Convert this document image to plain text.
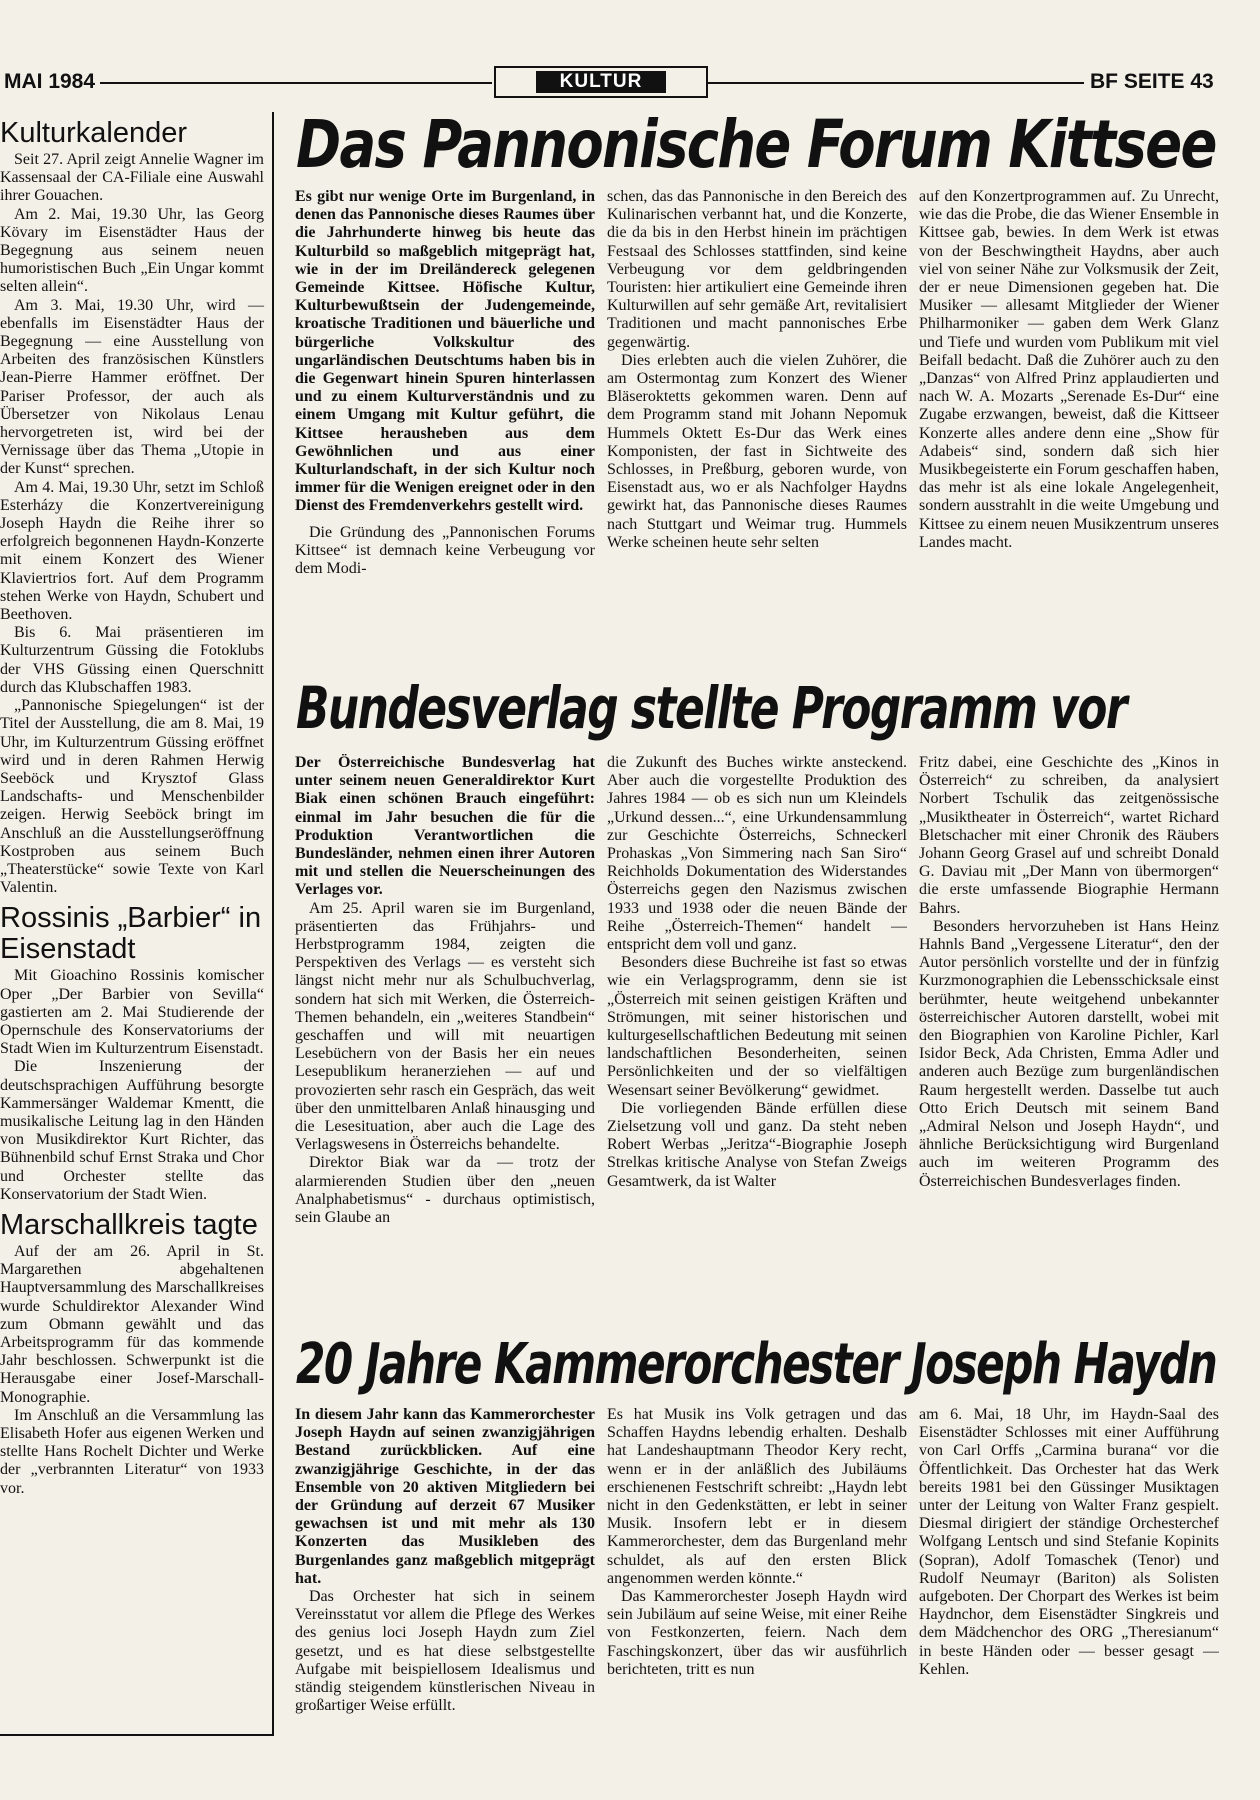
MAI 1984	KULTUR	BF SEITE 43
Kulturkalender

Seit 27. April zeigt Annelie Wagner im Kassensaal der CA-Filiale eine Auswahl ihrer Gouachen.

Am 2. Mai, 19.30 Uhr, las Georg Kövary im Eisenstädter Haus der Begegnung aus seinem neuen humoristischen Buch „Ein Ungar kommt selten allein“.

Am 3. Mai, 19.30 Uhr, wird — ebenfalls im Eisenstädter Haus der Begegnung — eine Ausstellung von Arbeiten des französischen Künstlers Jean-Pierre Hammer eröffnet. Der Pariser Professor, der auch als Übersetzer von Nikolaus Lenau hervorgetreten ist, wird bei der Vernissage über das Thema „Utopie in der Kunst“ sprechen.

Am 4. Mai, 19.30 Uhr, setzt im Schloß Esterházy die Konzertvereinigung Joseph Haydn die Reihe ihrer so erfolgreich begonnenen Haydn-Konzerte mit einem Konzert des Wiener Klaviertrios fort. Auf dem Programm stehen Werke von Haydn, Schubert und Beethoven.

Bis 6. Mai präsentieren im Kulturzentrum Güssing die Fotoklubs der VHS Güssing einen Querschnitt durch das Klubschaffen 1983.

„Pannonische Spiegelungen“ ist der Titel der Ausstellung, die am 8. Mai, 19 Uhr, im Kulturzentrum Güssing eröffnet wird und in deren Rahmen Herwig Seeböck und Krysztof Glass Landschafts- und Menschenbilder zeigen. Herwig Seeböck bringt im Anschluß an die Ausstellungseröffnung Kostproben aus seinem Buch „Theaterstücke“ sowie Texte von Karl Valentin.

Rossinis „Barbier“ in Eisenstadt

Mit Gioachino Rossinis komischer Oper „Der Barbier von Sevilla“ gastierten am 2. Mai Studierende der Opernschule des Konservatoriums der Stadt Wien im Kulturzentrum Eisenstadt.

Die Inszenierung der deutschsprachigen Aufführung besorgte Kammersänger Waldemar Kmentt, die musikalische Leitung lag in den Händen von Musikdirektor Kurt Richter, das Bühnenbild schuf Ernst Straka und Chor und Orchester stellte das Konservatorium der Stadt Wien.

Marschallkreis tagte

Auf der am 26. April in St. Margarethen abgehaltenen Hauptversammlung des Marschallkreises wurde Schuldirektor Alexander Wind zum Obmann gewählt und das Arbeitsprogramm für das kommende Jahr beschlossen. Schwerpunkt ist die Herausgabe einer Josef-Marschall-Monographie.

Im Anschluß an die Versammlung las Elisabeth Hofer aus eigenen Werken und stellte Hans Rochelt Dichter und Werke der „verbrannten Literatur“ von 1933 vor.

Das Pannonische Forum Kittsee

Es gibt nur wenige Orte im Burgenland, in denen das Pannonische dieses Raumes über die Jahrhunderte hinweg bis heute das Kulturbild so maßgeblich mitgeprägt hat, wie in der im Dreiländereck gelegenen Gemeinde Kittsee. Höfische Kultur, Kulturbewußtsein der Judengemeinde, kroatische Traditionen und bäuerliche und bürgerliche Volkskultur des ungarländischen Deutschtums haben bis in die Gegenwart hinein Spuren hinterlassen und zu einem Kulturverständnis und zu einem Umgang mit Kultur geführt, die Kittsee herausheben aus dem Gewöhnlichen und aus einer Kulturlandschaft, in der sich Kultur noch immer für die Wenigen ereignet oder in den Dienst des Fremdenverkehrs gestellt wird.

Die Gründung des „Pannonischen Forums Kittsee“ ist demnach keine Verbeugung vor dem Modi-

schen, das das Pannonische in den Bereich des Kulinarischen verbannt hat, und die Konzerte, die da bis in den Herbst hinein im prächtigen Festsaal des Schlosses stattfinden, sind keine Verbeugung vor dem geldbringenden Touristen: hier artikuliert eine Gemeinde ihren Kulturwillen auf sehr gemäße Art, revitalisiert Traditionen und macht pannonisches Erbe gegenwärtig.

Dies erlebten auch die vielen Zuhörer, die am Ostermontag zum Konzert des Wiener Bläseroktetts gekommen waren. Denn auf dem Programm stand mit Johann Nepomuk Hummels Oktett Es-Dur das Werk eines Komponisten, der fast in Sichtweite des Schlosses, in Preßburg, geboren wurde, von Eisenstadt aus, wo er als Nachfolger Haydns gewirkt hat, das Pannonische dieses Raumes nach Stuttgart und Weimar trug. Hummels Werke scheinen heute sehr selten

auf den Konzertprogrammen auf. Zu Unrecht, wie das die Probe, die das Wiener Ensemble in Kittsee gab, bewies. In dem Werk ist etwas von der Beschwingtheit Haydns, aber auch viel von seiner Nähe zur Volksmusik der Zeit, der er neue Dimensionen gegeben hat. Die Musiker — allesamt Mitglieder der Wiener Philharmoniker — gaben dem Werk Glanz und Tiefe und wurden vom Publikum mit viel Beifall bedacht. Daß die Zuhörer auch zu den „Danzas“ von Alfred Prinz applaudierten und nach W. A. Mozarts „Serenade Es-Dur“ eine Zugabe erzwangen, beweist, daß die Kittseer Konzerte alles andere denn eine „Show für Adabeis“ sind, sondern daß sich hier Musikbegeisterte ein Forum geschaffen haben, das mehr ist als eine lokale Angelegenheit, sondern ausstrahlt in die weite Umgebung und Kittsee zu einem neuen Musikzentrum unseres Landes macht.

Bundesverlag stellte Programm vor

Der Österreichische Bundesverlag hat unter seinem neuen Generaldirektor Kurt Biak einen schönen Brauch eingeführt: einmal im Jahr besuchen die für die Produktion Verantwortlichen die Bundesländer, nehmen einen ihrer Autoren mit und stellen die Neuerscheinungen des Verlages vor.

Am 25. April waren sie im Burgenland, präsentierten das Frühjahrs- und Herbstprogramm 1984, zeigten die Perspektiven des Verlags — es versteht sich längst nicht mehr nur als Schulbuchverlag, sondern hat sich mit Werken, die Österreich-Themen behandeln, ein „weiteres Standbein“ geschaffen und will mit neuartigen Lesebüchern von der Basis her ein neues Lesepublikum heranerziehen — auf und provozierten sehr rasch ein Gespräch, das weit über den unmittelbaren Anlaß hinausging und die Lesesituation, aber auch die Lage des Verlagswesens in Österreichs behandelte.

Direktor Biak war da — trotz der alarmierenden Studien über den „neuen Analphabetismus“ - durchaus optimistisch, sein Glaube an

die Zukunft des Buches wirkte ansteckend. Aber auch die vorgestellte Produktion des Jahres 1984 — ob es sich nun um Kleindels „Urkund dessen...“, eine Urkundensammlung zur Geschichte Österreichs, Schneckerl Prohaskas „Von Simmering nach San Siro“ Reichholds Dokumentation des Widerstandes Österreichs gegen den Nazismus zwischen 1933 und 1938 oder die neuen Bände der Reihe „Österreich-Themen“ handelt — entspricht dem voll und ganz.

Besonders diese Buchreihe ist fast so etwas wie ein Verlagsprogramm, denn sie ist „Österreich mit seinen geistigen Kräften und Strömungen, mit seiner historischen und kulturgesellschaftlichen Bedeutung mit seinen landschaftlichen Besonderheiten, seinen Persönlichkeiten und der so vielfältigen Wesensart seiner Bevölkerung“ gewidmet.

Die vorliegenden Bände erfüllen diese Zielsetzung voll und ganz. Da steht neben Robert Werbas „Jeritza“-Biographie Joseph Strelkas kritische Analyse von Stefan Zweigs Gesamtwerk, da ist Walter

Fritz dabei, eine Geschichte des „Kinos in Österreich“ zu schreiben, da analysiert Norbert Tschulik das zeitgenössische „Musiktheater in Österreich“, wartet Richard Bletschacher mit einer Chronik des Räubers Johann Georg Grasel auf und schreibt Donald G. Daviau mit „Der Mann von übermorgen“ die erste umfassende Biographie Hermann Bahrs.

Besonders hervorzuheben ist Hans Heinz Hahnls Band „Vergessene Literatur“, den der Autor persönlich vorstellte und der in fünfzig Kurzmonographien die Lebensschicksale einst berühmter, heute weitgehend unbekannter österreichischer Autoren darstellt, wobei mit den Biographien von Karoline Pichler, Karl Isidor Beck, Ada Christen, Emma Adler und anderen auch Bezüge zum burgenländischen Raum hergestellt werden. Dasselbe tut auch Otto Erich Deutsch mit seinem Band „Admiral Nelson und Joseph Haydn“, und ähnliche Berücksichtigung wird Burgenland auch im weiteren Programm des Österreichischen Bundesverlages finden.

20 Jahre Kammerorchester Joseph Haydn

In diesem Jahr kann das Kammerorchester Joseph Haydn auf seinen zwanzigjährigen Bestand zurückblicken. Auf eine zwanzigjährige Geschichte, in der das Ensemble von 20 aktiven Mitgliedern bei der Gründung auf derzeit 67 Musiker gewachsen ist und mit mehr als 130 Konzerten das Musikleben des Burgenlandes ganz maßgeblich mitgeprägt hat.

Das Orchester hat sich in seinem Vereinsstatut vor allem die Pflege des Werkes des genius loci Joseph Haydn zum Ziel gesetzt, und es hat diese selbstgestellte Aufgabe mit beispiellosem Idealismus und ständig steigendem künstlerischen Niveau in großartiger Weise erfüllt.

Es hat Musik ins Volk getragen und das Schaffen Haydns lebendig erhalten. Deshalb hat Landeshauptmann Theodor Kery recht, wenn er in der anläßlich des Jubiläums erschienenen Festschrift schreibt: „Haydn lebt nicht in den Gedenkstätten, er lebt in seiner Musik. Insofern lebt er in diesem Kammerorchester, dem das Burgenland mehr schuldet, als auf den ersten Blick angenommen werden könnte.“

Das Kammerorchester Joseph Haydn wird sein Jubiläum auf seine Weise, mit einer Reihe von Festkonzerten, feiern. Nach dem Faschingskonzert, über das wir ausführlich berichteten, tritt es nun

am 6. Mai, 18 Uhr, im Haydn-Saal des Eisenstädter Schlosses mit einer Aufführung von Carl Orffs „Carmina burana“ vor die Öffentlichkeit. Das Orchester hat das Werk bereits 1981 bei den Güssinger Musiktagen unter der Leitung von Walter Franz gespielt. Diesmal dirigiert der ständige Orchesterchef Wolfgang Lentsch und sind Stefanie Kopinits (Sopran), Adolf Tomaschek (Tenor) und Rudolf Neumayr (Bariton) als Solisten aufgeboten. Der Chorpart des Werkes ist beim Haydnchor, dem Eisenstädter Singkreis und dem Mädchenchor des ORG „Theresianum“ in beste Händen oder — besser gesagt — Kehlen.
